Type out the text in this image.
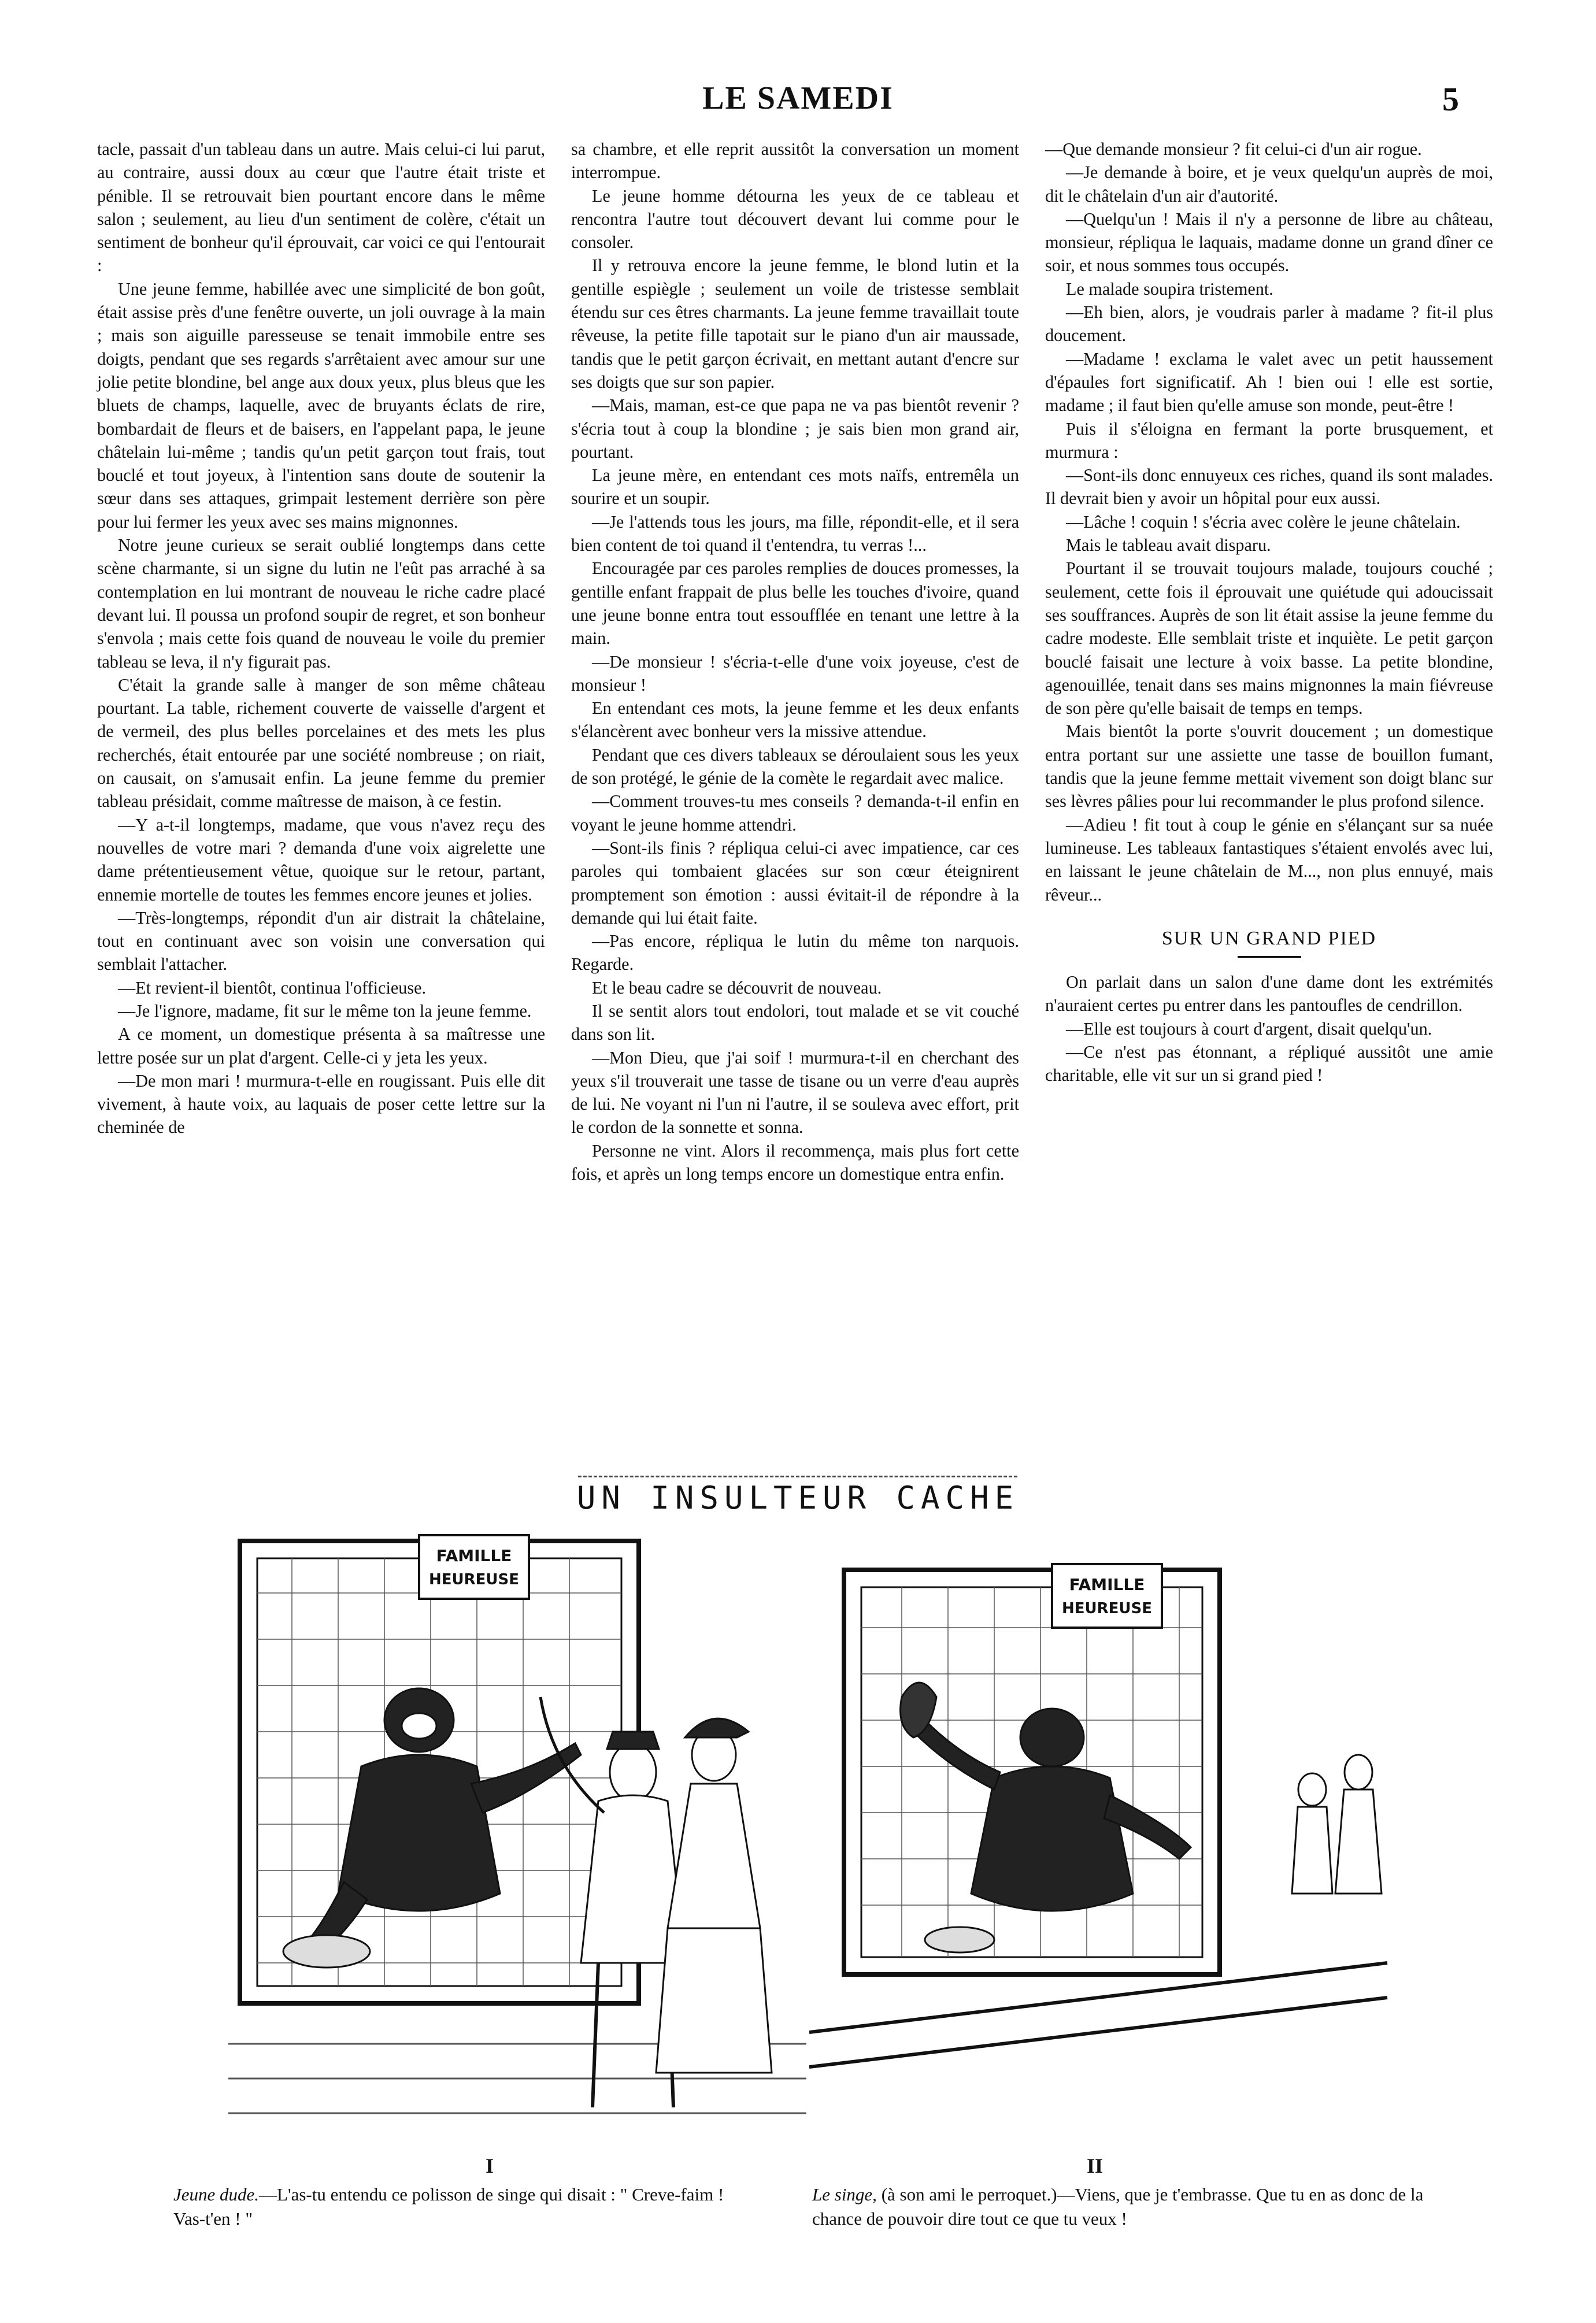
LE SAMEDI	5

tacle, passait d'un tableau dans un autre. Mais celui-ci lui parut, au contraire, aussi doux au cœur que l'autre était triste et pénible. Il se retrouvait bien pourtant encore dans le même salon ; seulement, au lieu d'un sentiment de colère, c'était un sentiment de bonheur qu'il éprouvait, car voici ce qui l'entourait :

Une jeune femme, habillée avec une simplicité de bon goût, était assise près d'une fenêtre ouverte, un joli ouvrage à la main ; mais son aiguille paresseuse se tenait immobile entre ses doigts, pendant que ses regards s'arrêtaient avec amour sur une jolie petite blondine, bel ange aux doux yeux, plus bleus que les bluets de champs, laquelle, avec de bruyants éclats de rire, bombardait de fleurs et de baisers, en l'appelant papa, le jeune châtelain lui-même ; tandis qu'un petit garçon tout frais, tout bouclé et tout joyeux, à l'intention sans doute de soutenir la sœur dans ses attaques, grimpait lestement derrière son père pour lui fermer les yeux avec ses mains mignonnes.

Notre jeune curieux se serait oublié longtemps dans cette scène charmante, si un signe du lutin ne l'eût pas arraché à sa contemplation en lui montrant de nouveau le riche cadre placé devant lui. Il poussa un profond soupir de regret, et son bonheur s'envola ; mais cette fois quand de nouveau le voile du premier tableau se leva, il n'y figurait pas.

C'était la grande salle à manger de son même château pourtant. La table, richement couverte de vaisselle d'argent et de vermeil, des plus belles porcelaines et des mets les plus recherchés, était entourée par une société nombreuse ; on riait, on causait, on s'amusait enfin. La jeune femme du premier tableau présidait, comme maîtresse de maison, à ce festin.

—Y a-t-il longtemps, madame, que vous n'avez reçu des nouvelles de votre mari ? demanda d'une voix aigrelette une dame prétentieusement vêtue, quoique sur le retour, partant, ennemie mortelle de toutes les femmes encore jeunes et jolies.

—Très-longtemps, répondit d'un air distrait la châtelaine, tout en continuant avec son voisin une conversation qui semblait l'attacher.

—Et revient-il bientôt, continua l'officieuse.

—Je l'ignore, madame, fit sur le même ton la jeune femme.

A ce moment, un domestique présenta à sa maîtresse une lettre posée sur un plat d'argent. Celle-ci y jeta les yeux.

—De mon mari ! murmura-t-elle en rougissant. Puis elle dit vivement, à haute voix, au laquais de poser cette lettre sur la cheminée de

sa chambre, et elle reprit aussitôt la conversation un moment interrompue.

Le jeune homme détourna les yeux de ce tableau et rencontra l'autre tout découvert devant lui comme pour le consoler.

Il y retrouva encore la jeune femme, le blond lutin et la gentille espiègle ; seulement un voile de tristesse semblait étendu sur ces êtres charmants. La jeune femme travaillait toute rêveuse, la petite fille tapotait sur le piano d'un air maussade, tandis que le petit garçon écrivait, en mettant autant d'encre sur ses doigts que sur son papier.

—Mais, maman, est-ce que papa ne va pas bientôt revenir ? s'écria tout à coup la blondine ; je sais bien mon grand air, pourtant.

La jeune mère, en entendant ces mots naïfs, entremêla un sourire et un soupir.

—Je l'attends tous les jours, ma fille, répondit-elle, et il sera bien content de toi quand il t'entendra, tu verras !...

Encouragée par ces paroles remplies de douces promesses, la gentille enfant frappait de plus belle les touches d'ivoire, quand une jeune bonne entra tout essoufflée en tenant une lettre à la main.

—De monsieur ! s'écria-t-elle d'une voix joyeuse, c'est de monsieur !

En entendant ces mots, la jeune femme et les deux enfants s'élancèrent avec bonheur vers la missive attendue.

Pendant que ces divers tableaux se déroulaient sous les yeux de son protégé, le génie de la comète le regardait avec malice.

—Comment trouves-tu mes conseils ? demanda-t-il enfin en voyant le jeune homme attendri.

—Sont-ils finis ? répliqua celui-ci avec impatience, car ces paroles qui tombaient glacées sur son cœur éteignirent promptement son émotion : aussi évitait-il de répondre à la demande qui lui était faite.

—Pas encore, répliqua le lutin du même ton narquois. Regarde.

Et le beau cadre se découvrit de nouveau.

Il se sentit alors tout endolori, tout malade et se vit couché dans son lit.

—Mon Dieu, que j'ai soif ! murmura-t-il en cherchant des yeux s'il trouverait une tasse de tisane ou un verre d'eau auprès de lui. Ne voyant ni l'un ni l'autre, il se souleva avec effort, prit le cordon de la sonnette et sonna.

Personne ne vint. Alors il recommença, mais plus fort cette fois, et après un long temps encore un domestique entra enfin.

—Que demande monsieur ? fit celui-ci d'un air rogue.

—Je demande à boire, et je veux quelqu'un auprès de moi, dit le châtelain d'un air d'autorité.

—Quelqu'un ! Mais il n'y a personne de libre au château, monsieur, répliqua le laquais, madame donne un grand dîner ce soir, et nous sommes tous occupés.

Le malade soupira tristement.

—Eh bien, alors, je voudrais parler à madame ? fit-il plus doucement.

—Madame ! exclama le valet avec un petit haussement d'épaules fort significatif. Ah ! bien oui ! elle est sortie, madame ; il faut bien qu'elle amuse son monde, peut-être !

Puis il s'éloigna en fermant la porte brusquement, et murmura :

—Sont-ils donc ennuyeux ces riches, quand ils sont malades. Il devrait bien y avoir un hôpital pour eux aussi.

—Lâche ! coquin ! s'écria avec colère le jeune châtelain.

Mais le tableau avait disparu.

Pourtant il se trouvait toujours malade, toujours couché ; seulement, cette fois il éprouvait une quiétude qui adoucissait ses souffrances. Auprès de son lit était assise la jeune femme du cadre modeste. Elle semblait triste et inquiète. Le petit garçon bouclé faisait une lecture à voix basse. La petite blondine, agenouillée, tenait dans ses mains mignonnes la main fiévreuse de son père qu'elle baisait de temps en temps.

Mais bientôt la porte s'ouvrit doucement ; un domestique entra portant sur une assiette une tasse de bouillon fumant, tandis que la jeune femme mettait vivement son doigt blanc sur ses lèvres pâlies pour lui recommander le plus profond silence.

—Adieu ! fit tout à coup le génie en s'élançant sur sa nuée lumineuse. Les tableaux fantastiques s'étaient envolés avec lui, en laissant le jeune châtelain de M..., non plus ennuyé, mais rêveur...

SUR UN GRAND PIED

On parlait dans un salon d'une dame dont les extrémités n'auraient certes pu entrer dans les pantoufles de cendrillon.

—Elle est toujours à court d'argent, disait quelqu'un.

—Ce n'est pas étonnant, a répliqué aussitôt une amie charitable, elle vit sur un si grand pied !

UN INSULTEUR CACHE
FAMILLE
HEUREUSE	FAMILLE
HEUREUSE
I	II
Jeune dude.—L'as-tu entendu ce polisson de singe qui disait : " Creve-faim ! Vas-t'en ! "
Le singe, (à son ami le perroquet.)—Viens, que je t'embrasse. Que tu en as donc de la chance de pouvoir dire tout ce que tu veux !
